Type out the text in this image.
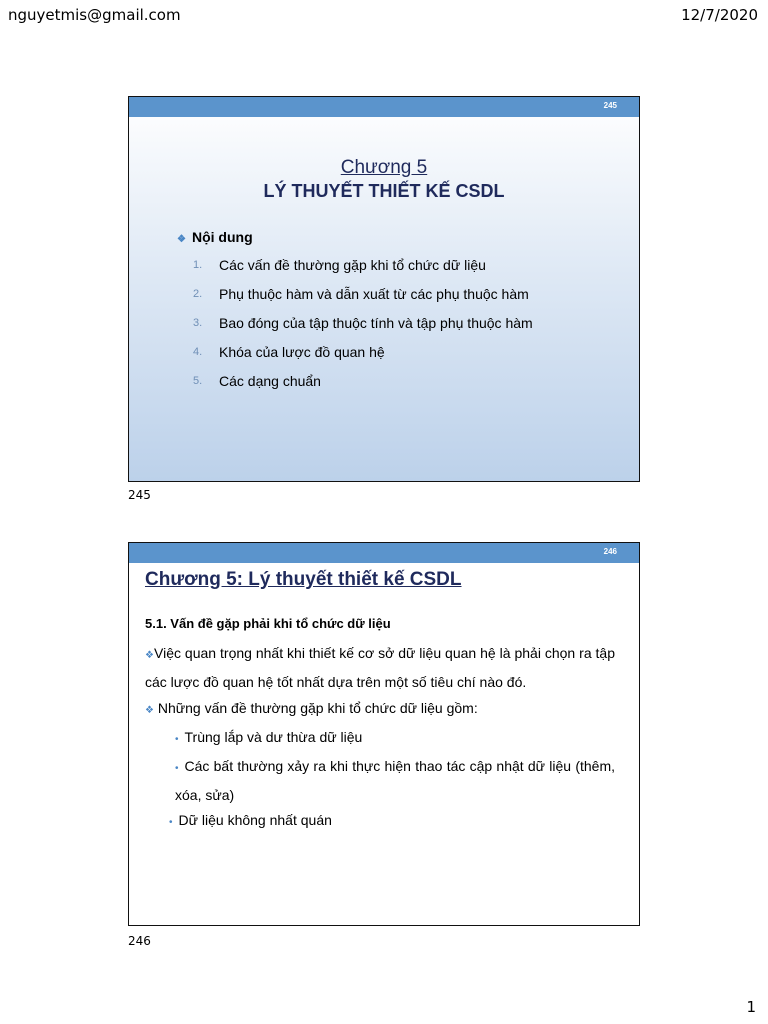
nguyetmis@gmail.com	12/7/2020
245
Chương 5
LÝ THUYẾT THIẾT KẾ CSDL
❖ Nội dung
1.	Các vấn đề thường gặp khi tổ chức dữ liệu
2.	Phụ thuộc hàm và dẫn xuất từ các phụ thuộc hàm
3.	Bao đóng của tập thuộc tính và tập phụ thuộc hàm
4.	Khóa của lược đồ quan hệ
5.	Các dạng chuẩn
245
246
Chương 5: Lý thuyết thiết kế CSDL
5.1. Vấn đề gặp phải khi tổ chức dữ liệu
❖Việc quan trọng nhất khi thiết kế cơ sở dữ liệu quan hệ là phải chọn ra tập các lược đồ quan hệ tốt nhất dựa trên một số tiêu chí nào đó.
❖ Những vấn đề thường gặp khi tổ chức dữ liệu gồm:
• Trùng lắp và dư thừa dữ liệu
• Các bất thường xảy ra khi thực hiện thao tác cập nhật dữ liệu (thêm, xóa, sửa)
• Dữ liệu không nhất quán
246
1
